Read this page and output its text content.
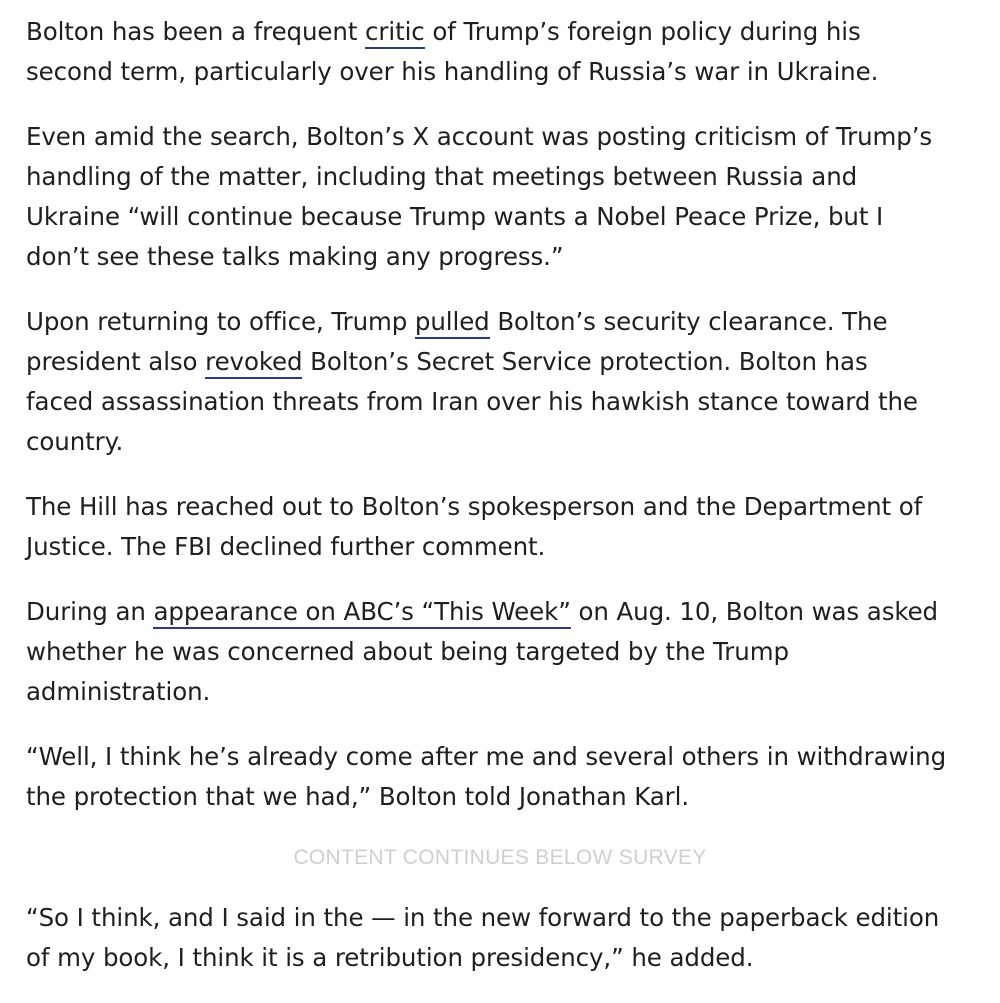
Bolton has been a frequent critic of Trump’s foreign policy during his
second term, particularly over his handling of Russia’s war in Ukraine.

Even amid the search, Bolton’s X account was posting criticism of Trump’s
handling of the matter, including that meetings between Russia and
Ukraine “will continue because Trump wants a Nobel Peace Prize, but I
don’t see these talks making any progress.”

Upon returning to office, Trump pulled Bolton’s security clearance. The
president also revoked Bolton’s Secret Service protection. Bolton has
faced assassination threats from Iran over his hawkish stance toward the
country.

The Hill has reached out to Bolton’s spokesperson and the Department of
Justice. The FBI declined further comment.

During an appearance on ABC’s “This Week” on Aug. 10, Bolton was asked
whether he was concerned about being targeted by the Trump
administration.

“Well, I think he’s already come after me and several others in withdrawing
the protection that we had,” Bolton told Jonathan Karl.

CONTENT CONTINUES BELOW SURVEY

“So I think, and I said in the — in the new forward to the paperback edition
of my book, I think it is a retribution presidency,” he added.
